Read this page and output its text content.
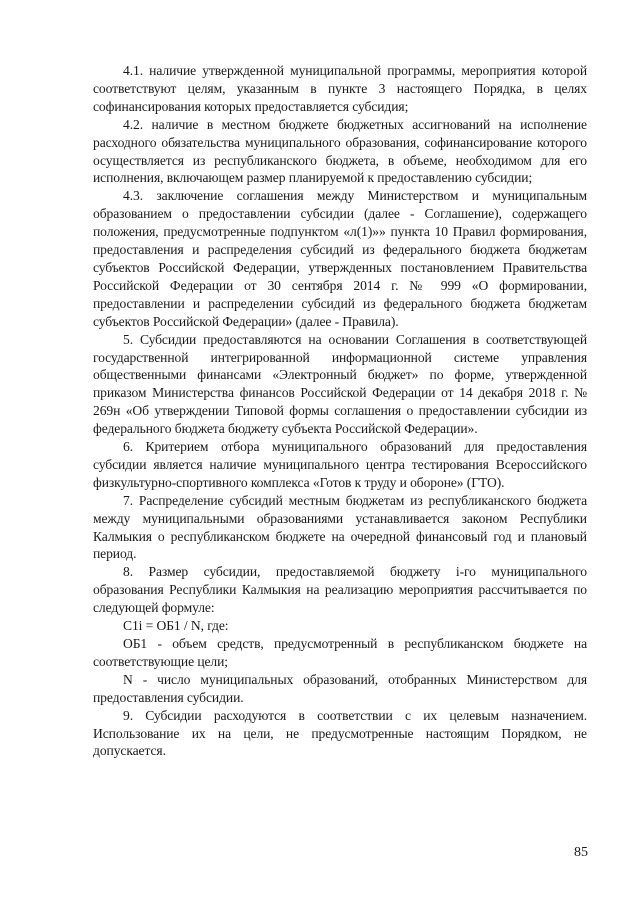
4.1. наличие утвержденной муниципальной программы, мероприятия которой соответствуют целям, указанным в пункте 3 настоящего Порядка, в целях софинансирования которых предоставляется субсидия;

4.2. наличие в местном бюджете бюджетных ассигнований на исполнение расходного обязательства муниципального образования, софинансирование которого осуществляется из республиканского бюджета, в объеме, необходимом для его исполнения, включающем размер планируемой к предоставлению субсидии;

4.3. заключение соглашения между Министерством и муниципальным образованием о предоставлении субсидии (далее - Соглашение), содержащего положения, предусмотренные подпунктом «л(1)»» пункта 10 Правил формирования, предоставления и распределения субсидий из федерального бюджета бюджетам субъектов Российской Федерации, утвержденных постановлением Правительства Российской Федерации от 30 сентября 2014 г. № 999 «О формировании, предоставлении и распределении субсидий из федерального бюджета бюджетам субъектов Российской Федерации» (далее - Правила).

5. Субсидии предоставляются на основании Соглашения в соответствующей государственной интегрированной информационной системе управления общественными финансами «Электронный бюджет» по форме, утвержденной приказом Министерства финансов Российской Федерации от 14 декабря 2018 г. № 269н «Об утверждении Типовой формы соглашения о предоставлении субсидии из федерального бюджета бюджету субъекта Российской Федерации».

6. Критерием отбора муниципального образований для предоставления субсидии является наличие муниципального центра тестирования Всероссийского физкультурно-спортивного комплекса «Готов к труду и обороне» (ГТО).

7. Распределение субсидий местным бюджетам из республиканского бюджета между муниципальными образованиями устанавливается законом Республики Калмыкия о республиканском бюджете на очередной финансовый год и плановый период.

8. Размер субсидии, предоставляемой бюджету i-го муниципального образования Республики Калмыкия на реализацию мероприятия рассчитывается по следующей формуле:

С1i = ОБ1 / N, где:

ОБ1 - объем средств, предусмотренный в республиканском бюджете на соответствующие цели;

N - число муниципальных образований, отобранных Министерством для предоставления субсидии.

9. Субсидии расходуются в соответствии с их целевым назначением. Использование их на цели, не предусмотренные настоящим Порядком, не допускается.

85
